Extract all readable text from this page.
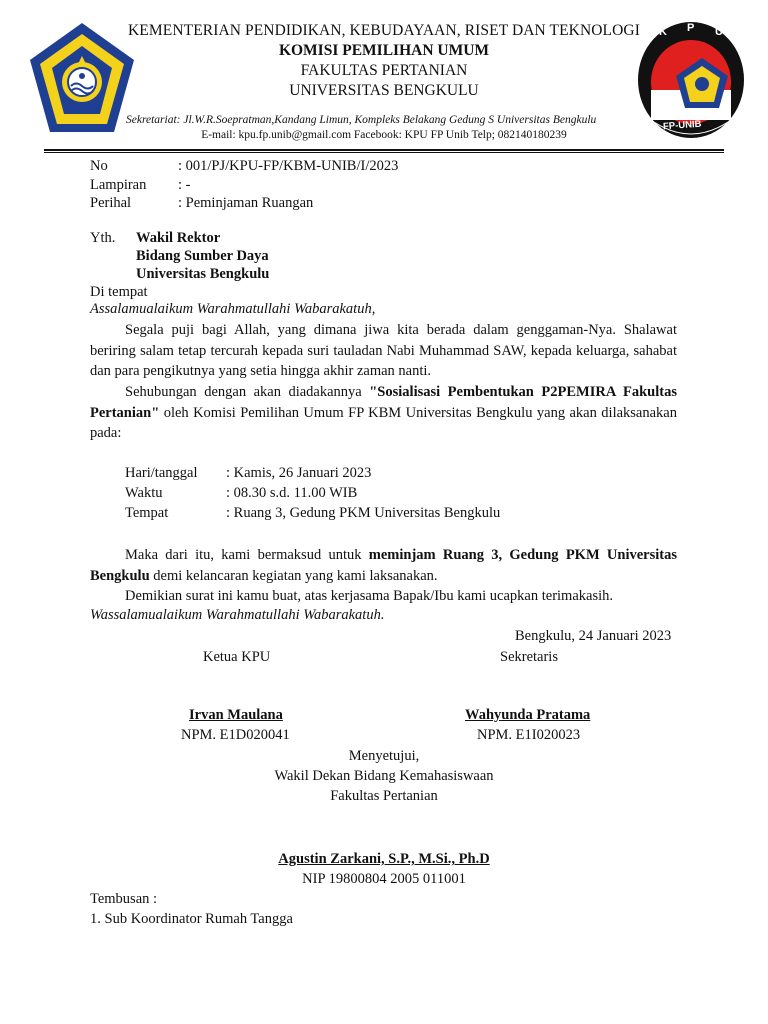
K P U
FP-UNIB
KEMENTERIAN PENDIDIKAN, KEBUDAYAAN, RISET DAN TEKNOLOGI
KOMISI PEMILIHAN UMUM
FAKULTAS PERTANIAN
UNIVERSITAS BENGKULU
Sekretariat: Jl.W.R.Soepratman,Kandang Limun, Kompleks Belakang Gedung S Universitas Bengkulu
E-mail: kpu.fp.unib@gmail.com Facebook: KPU FP Unib Telp; 082140180239
No	: 001/PJ/KPU-FP/KBM-UNIB/I/2023
Lampiran : -
Perihal	: Peminjaman Ruangan
Yth. Wakil Rektor
Bidang Sumber Daya
Universitas Bengkulu
Di tempat
Assalamualaikum Warahmatullahi Wabarakatuh,
Segala puji bagi Allah, yang dimana jiwa kita berada dalam genggaman-Nya. Shalawat beriring salam tetap tercurah kepada suri tauladan Nabi Muhammad SAW, kepada keluarga, sahabat dan para pengikutnya yang setia hingga akhir zaman nanti.
Sehubungan dengan akan diadakannya "Sosialisasi Pembentukan P2PEMIRA Fakultas Pertanian" oleh Komisi Pemilihan Umum FP KBM Universitas Bengkulu yang akan dilaksanakan pada:
Hari/tanggal : Kamis, 26 Januari 2023
Waktu	: 08.30 s.d. 11.00 WIB
Tempat	: Ruang 3, Gedung PKM Universitas Bengkulu
Maka dari itu, kami bermaksud untuk meminjam Ruang 3, Gedung PKM Universitas Bengkulu demi kelancaran kegiatan yang kami laksanakan.
Demikian surat ini kamu buat, atas kerjasama Bapak/Ibu kami ucapkan terimakasih.
Wassalamualaikum Warahmatullahi Wabarakatuh.
Bengkulu, 24 Januari 2023
Ketua KPU	Sekretaris
Irvan Maulana
NPM. E1D020041
Wahyunda Pratama
NPM. E1I020023
Menyetujui,
Wakil Dekan Bidang Kemahasiswaan
Fakultas Pertanian
Agustin Zarkani, S.P., M.Si., Ph.D
NIP 19800804 2005 011001
Tembusan :
1. Sub Koordinator Rumah Tangga
